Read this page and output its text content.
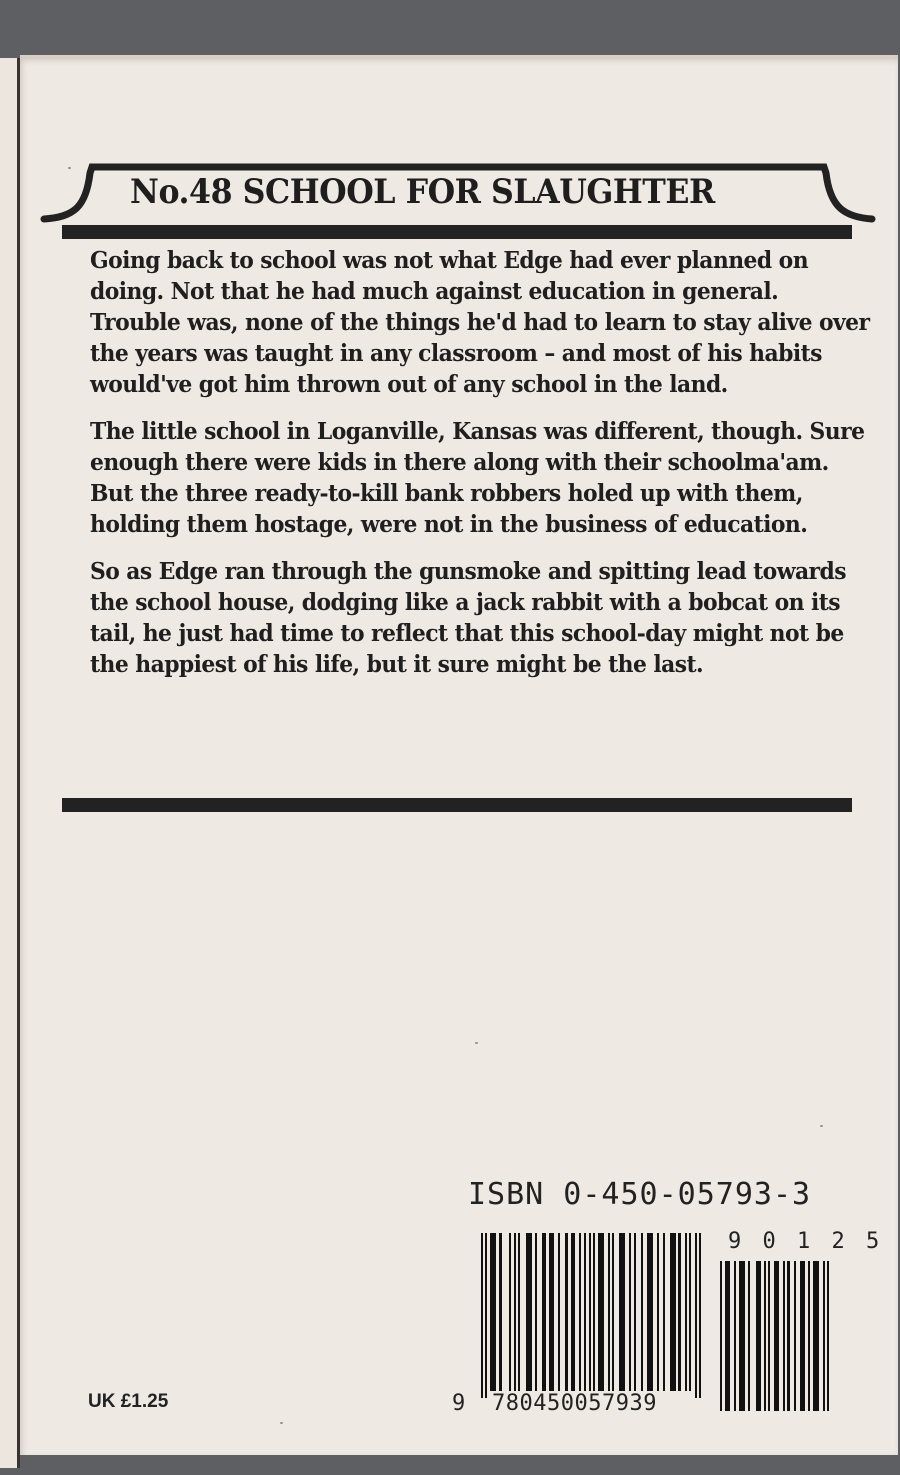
No.48 SCHOOL FOR SLAUGHTER

Going back to school was not what Edge had ever planned on doing. Not that he had much against education in general. Trouble was, none of the things he'd had to learn to stay alive over the years was taught in any classroom – and most of his habits would've got him thrown out of any school in the land.

The little school in Loganville, Kansas was different, though. Sure enough there were kids in there along with their schoolma'am. But the three ready-to-kill bank robbers holed up with them, holding them hostage, were not in the business of education.

So as Edge ran through the gunsmoke and spitting lead towards the school house, dodging like a jack rabbit with a bobcat on its tail, he just had time to reflect that this school-day might not be the happiest of his life, but it sure might be the last.

ISBN 0-450-05793-3
9 0 1 2 5
9 780450057939
UK £1.25
